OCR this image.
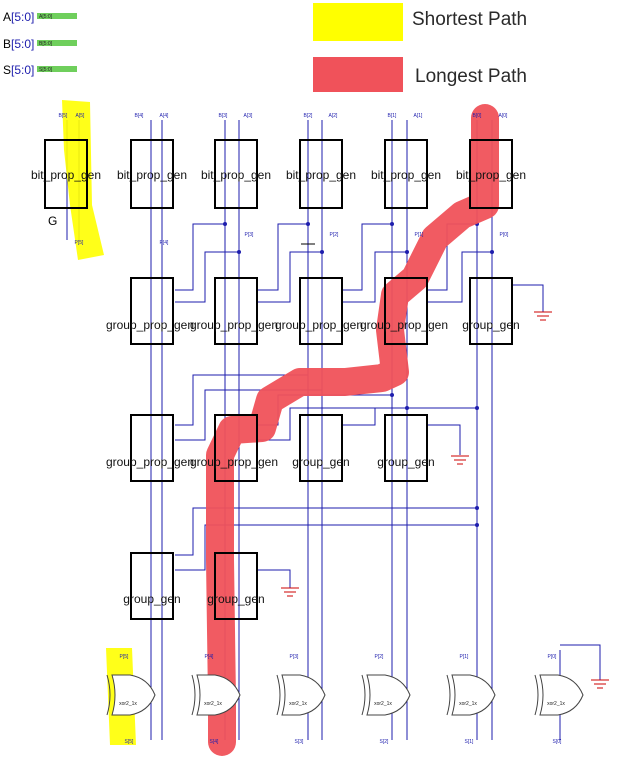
Shortest Path
Longest Path
A[5:0] A[5:0]
B[5:0] B[5:0]
S[5:0] S[5:0]
bit_prop_gen
B[5] A[5]
P[5]
bit_prop_gen
B[4]	A[4]
P[4]
bit_prop_gen
B[3]	A[3]
P[3]
bit_prop_gen
B[2]	A[2]
P[2]
bit_prop_gen
B[1]	A[1]
P[1]
bit_prop_gen
B[0]	A[0]
P[0]
G
group_prop_gen
group_prop_gen
group_prop_gen
group_prop_gen group_gen
group_prop_gen
group_prop_gen group_gen group_gen
group_gen group_gen
xor2_1x
P[5]
S[5]
xor2_1x
P[4]
S[4]
xor2_1x
P[3]
S[3]
xor2_1x
P[2]
S[2]
xor2_1x
P[1]
S[1]
xor2_1x
P[0]
S[0]
